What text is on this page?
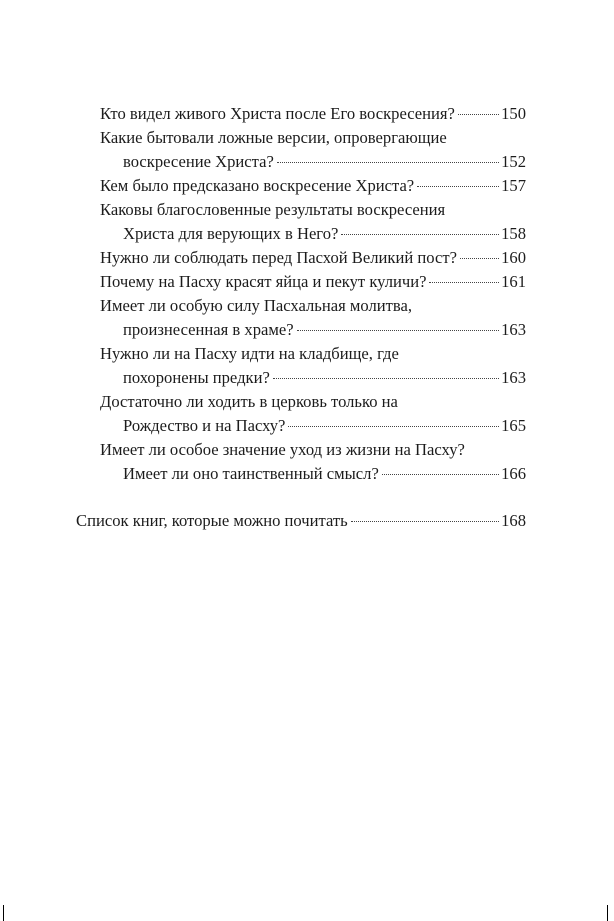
Кто видел живого Христа после Его воскресения?	150
Какие бытовали ложные версии, опровергающие
воскресение Христа?	152
Кем было предсказано воскресение Христа?	157
Каковы благословенные результаты воскресения
Христа для верующих в Него?	158
Нужно ли соблюдать перед Пасхой Великий пост?	160
Почему на Пасху красят яйца и пекут куличи?	161
Имеет ли особую силу Пасхальная молитва,
произнесенная в храме?	163
Нужно ли на Пасху идти на кладбище, где
похоронены предки?	163
Достаточно ли ходить в церковь только на
Рождество и на Пасху?	165
Имеет ли особое значение уход из жизни на Пасху?
Имеет ли оно таинственный смысл?	166
Список книг, которые можно почитать	168
